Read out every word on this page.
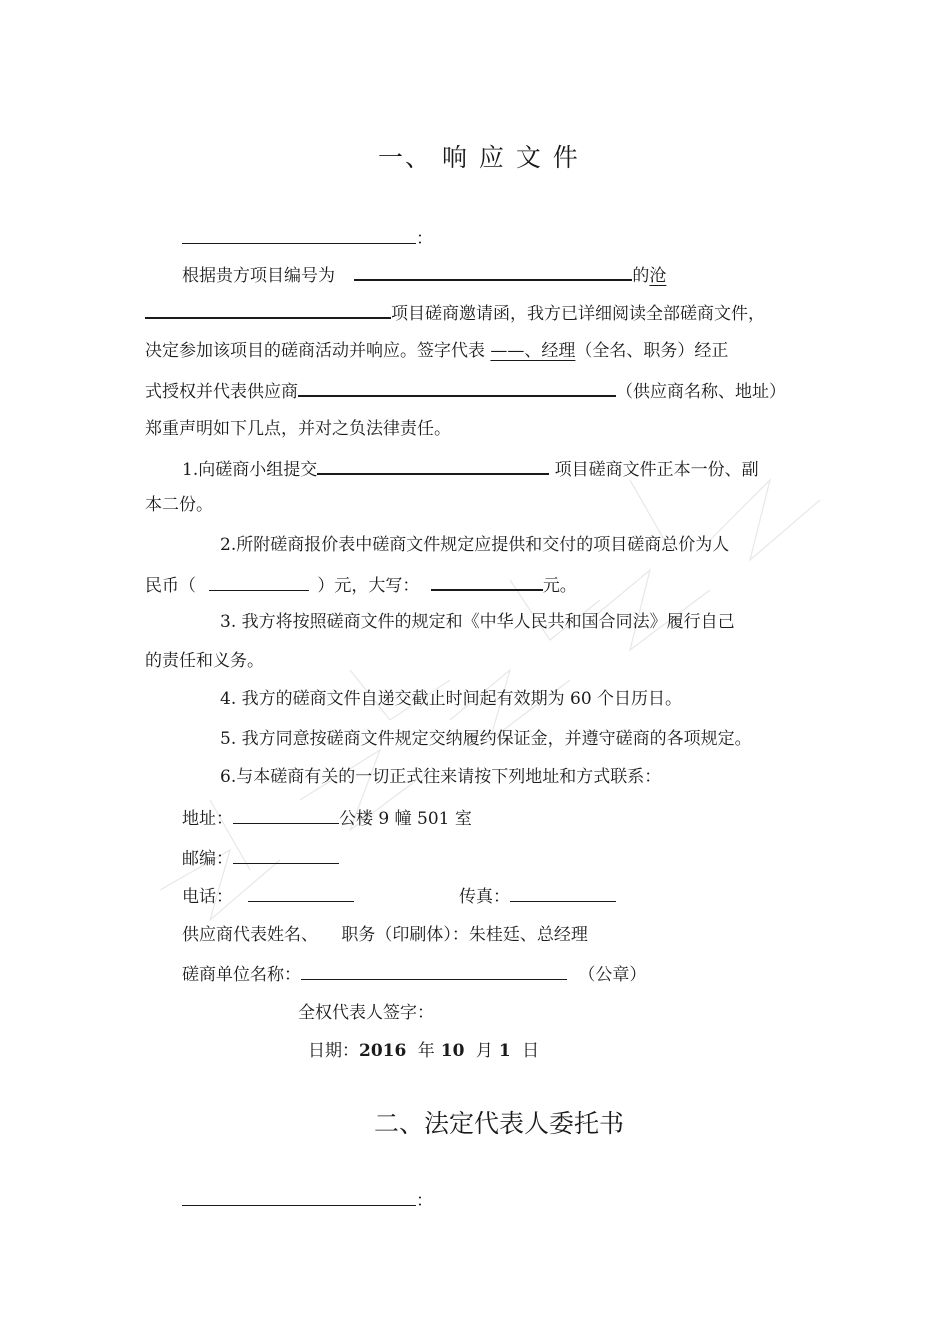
一、 响 应 文 件
：
根据贵方项目编号为	的沧
项目磋商邀请函，我方已详细阅读全部磋商文件，
决定参加该项目的磋商活动并响应。签字代表 ——、经理（全名、职务）经正
式授权并代表供应商	（供应商名称、地址）
郑重声明如下几点，并对之负法律责任。
1.向磋商小组提交	项目磋商文件正本一份、副
本二份。
2.所附磋商报价表中磋商文件规定应提供和交付的项目磋商总价为人
民币（	）元，大写：	元。
3. 我方将按照磋商文件的规定和《中华人民共和国合同法》履行自己
的责任和义务。
4. 我方的磋商文件自递交截止时间起有效期为 60 个日历日。
5. 我方同意按磋商文件规定交纳履约保证金，并遵守磋商的各项规定。
6.与本磋商有关的一切正式往来请按下列地址和方式联系：
地址：	公楼 9 幢 501 室
邮编：
电话：	传真：
供应商代表姓名、 职务（印刷体）：朱桂廷、总经理
磋商单位名称：	（公章）
全权代表人签字：
日期：2016 年 10 月 1 日
二、法定代表人委托书
：
